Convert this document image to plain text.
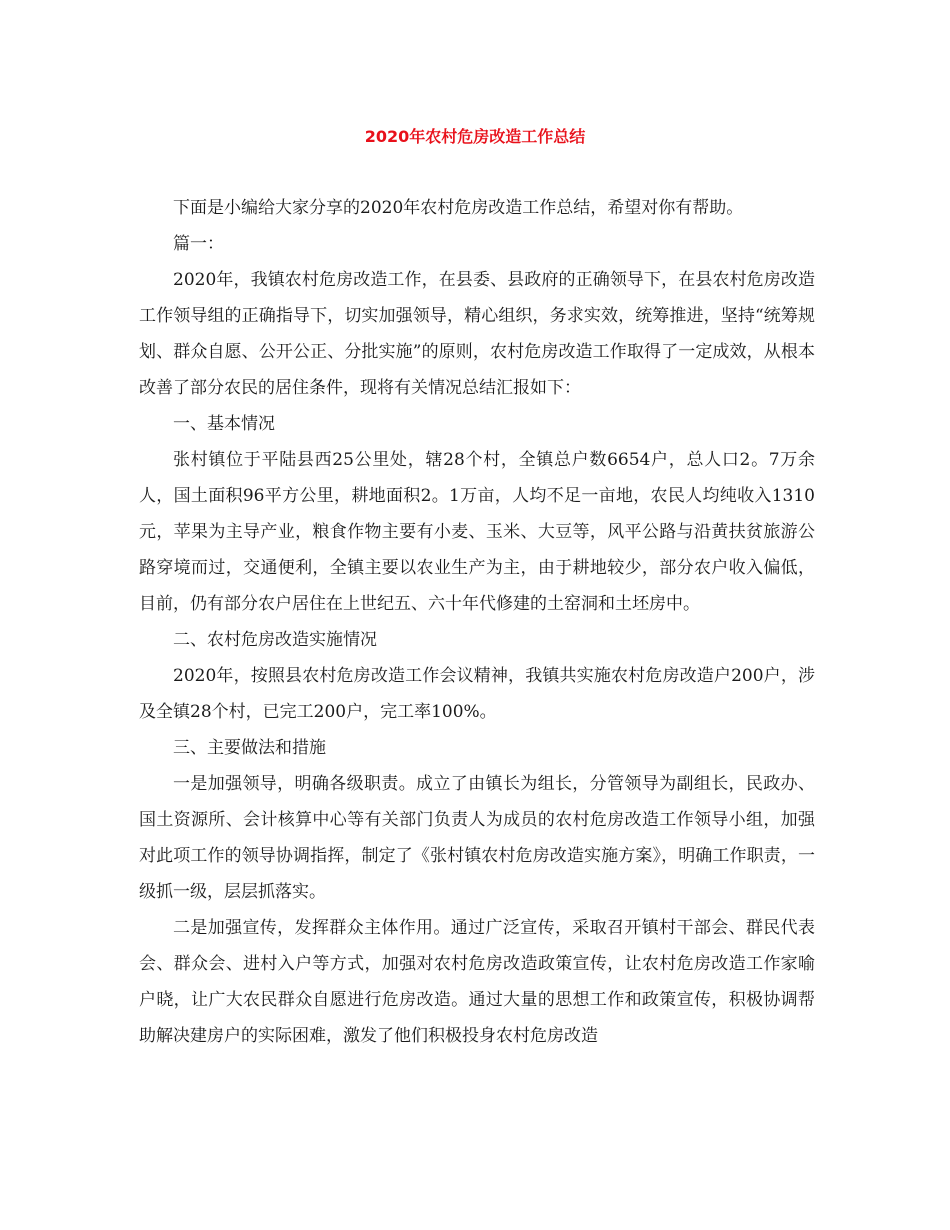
2020年农村危房改造工作总结

下面是小编给大家分享的2020年农村危房改造工作总结，希望对你有帮助。

篇一：

2020年，我镇农村危房改造工作，在县委、县政府的正确领导下，在县农村危房改造工作领导组的正确指导下，切实加强领导，精心组织，务求实效，统筹推进，坚持“统筹规划、群众自愿、公开公正、分批实施”的原则，农村危房改造工作取得了一定成效，从根本改善了部分农民的居住条件，现将有关情况总结汇报如下：

一、基本情况

张村镇位于平陆县西25公里处，辖28个村，全镇总户数6654户，总人口2。7万余人，国土面积96平方公里，耕地面积2。1万亩，人均不足一亩地，农民人均纯收入1310元，苹果为主导产业，粮食作物主要有小麦、玉米、大豆等，风平公路与沿黄扶贫旅游公路穿境而过，交通便利，全镇主要以农业生产为主，由于耕地较少，部分农户收入偏低，目前，仍有部分农户居住在上世纪五、六十年代修建的土窑洞和土坯房中。

二、农村危房改造实施情况

2020年，按照县农村危房改造工作会议精神，我镇共实施农村危房改造户200户，涉及全镇28个村，已完工200户，完工率100%。

三、主要做法和措施

一是加强领导，明确各级职责。成立了由镇长为组长，分管领导为副组长，民政办、国土资源所、会计核算中心等有关部门负责人为成员的农村危房改造工作领导小组，加强对此项工作的领导协调指挥，制定了《张村镇农村危房改造实施方案》，明确工作职责，一级抓一级，层层抓落实。

二是加强宣传，发挥群众主体作用。通过广泛宣传，采取召开镇村干部会、群民代表会、群众会、进村入户等方式，加强对农村危房改造政策宣传，让农村危房改造工作家喻户晓，让广大农民群众自愿进行危房改造。通过大量的思想工作和政策宣传，积极协调帮助解决建房户的实际困难，激发了他们积极投身农村危房改造
